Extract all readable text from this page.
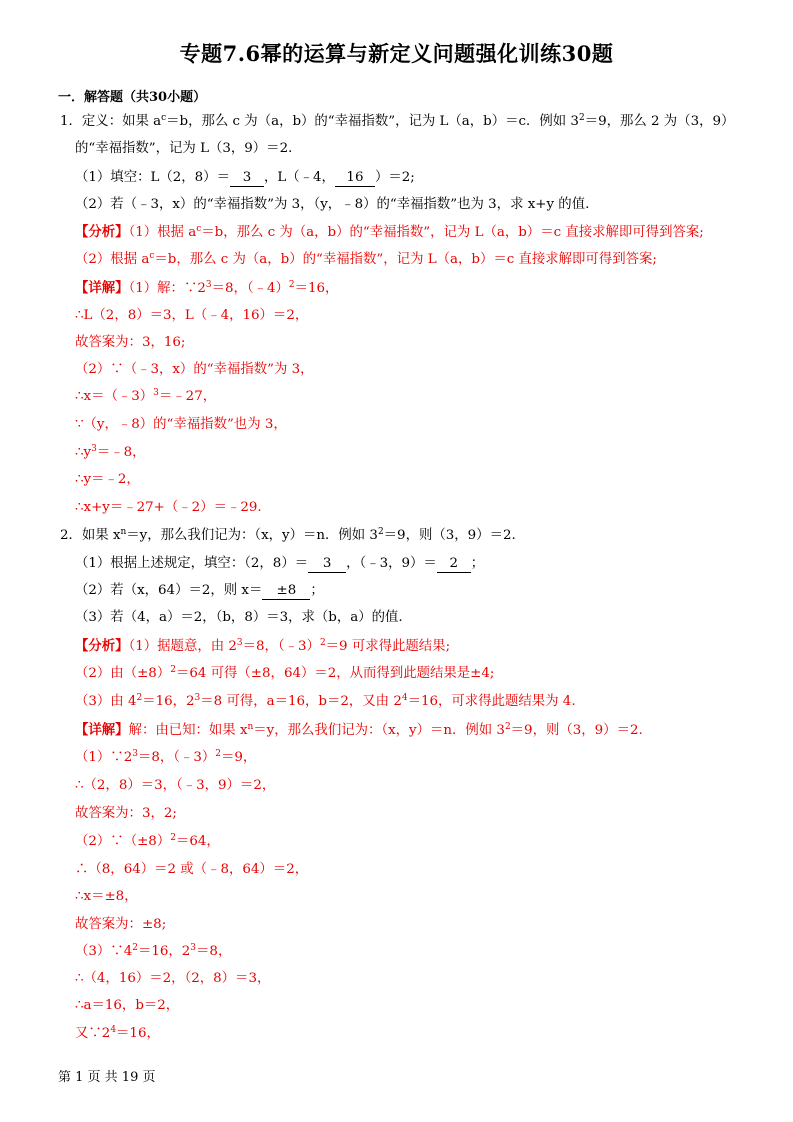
专题7.6幂的运算与新定义问题强化训练30题
一．解答题（共30小题）
1．定义：如果 $a^c=b$，那么 c 为（a，b）的“幸福指数”，记为 L（a，b）＝c．例如 $3^2=9$，那么 2 为（3，9）
的“幸福指数”，记为 L（3，9）＝2.
（1）填空：L（2，8）＝ 3 ，L（﹣4， 16 ）＝2;
（2）若（﹣3，x）的“幸福指数”为 3，（y，﹣8）的“幸福指数”也为 3，求 x+y 的值.
【分析】（1）根据 $a^c=b$，那么 c 为（a，b）的“幸福指数”，记为 L（a，b）＝c 直接求解即可得到答案;
（2）根据 $a^c=b$，那么 c 为（a，b）的“幸福指数”，记为 L（a，b）＝c 直接求解即可得到答案;
【详解】（1）解：$\because 2^3=8$，（﹣4）$^2$＝16，
∴L（2，8）＝3，L（﹣4，16）＝2，
故答案为：3，16;
（2）∵（﹣3，x）的“幸福指数”为 3，
∴x＝（﹣3）$^3$＝﹣27，
∵（y，﹣8）的“幸福指数”也为 3，
$\therefore y^3=﹣8$，
∴y＝﹣2，
∴x+y＝﹣27+（﹣2）＝﹣29.
2．如果 $x^n=y$，那么我们记为：（x，y）＝n．例如 $3^2=9$，则（3，9）＝2.
（1）根据上述规定，填空：（2，8）＝ 3 ，（﹣3，9）＝ 2 ；
（2）若（x，64）＝2，则 x＝ ±8 ；
（3）若（4，a）＝2，（b，8）＝3，求（b，a）的值.
【分析】（1）据题意，由 $2^3=8$，（﹣3）$^2$＝9 可求得此题结果;
（2）由$(\pm 8)^2=64$ 可得（±8，64）＝2，从而得到此题结果是±4;
（3）由 $4^2=16$，$2^3=8$ 可得，a＝16，b＝2，又由 $2^4=16$，可求得此题结果为 4.
【详解】解：由已知：如果 $x^n=y$，那么我们记为：（x，y）＝n．例如 $3^2=9$，则（3，9）＝2.
$(1)\because 2^3=8$，（﹣3）$^2$＝9，
∴（2，8）＝3，（﹣3，9）＝2，
故答案为：3，2;
$(2)\because(\pm 8)^2=64$，
∴（8，64）＝2 或（﹣8，64）＝2，
∴x＝±8，
故答案为：±8;
$(3)\because 4^2=16$，$2^3=8$，
∴（4，16）＝2，（2，8）＝3，
∴a＝16，b＝2，
又$\because 2^4=16$，
第 1 页 共 19 页
